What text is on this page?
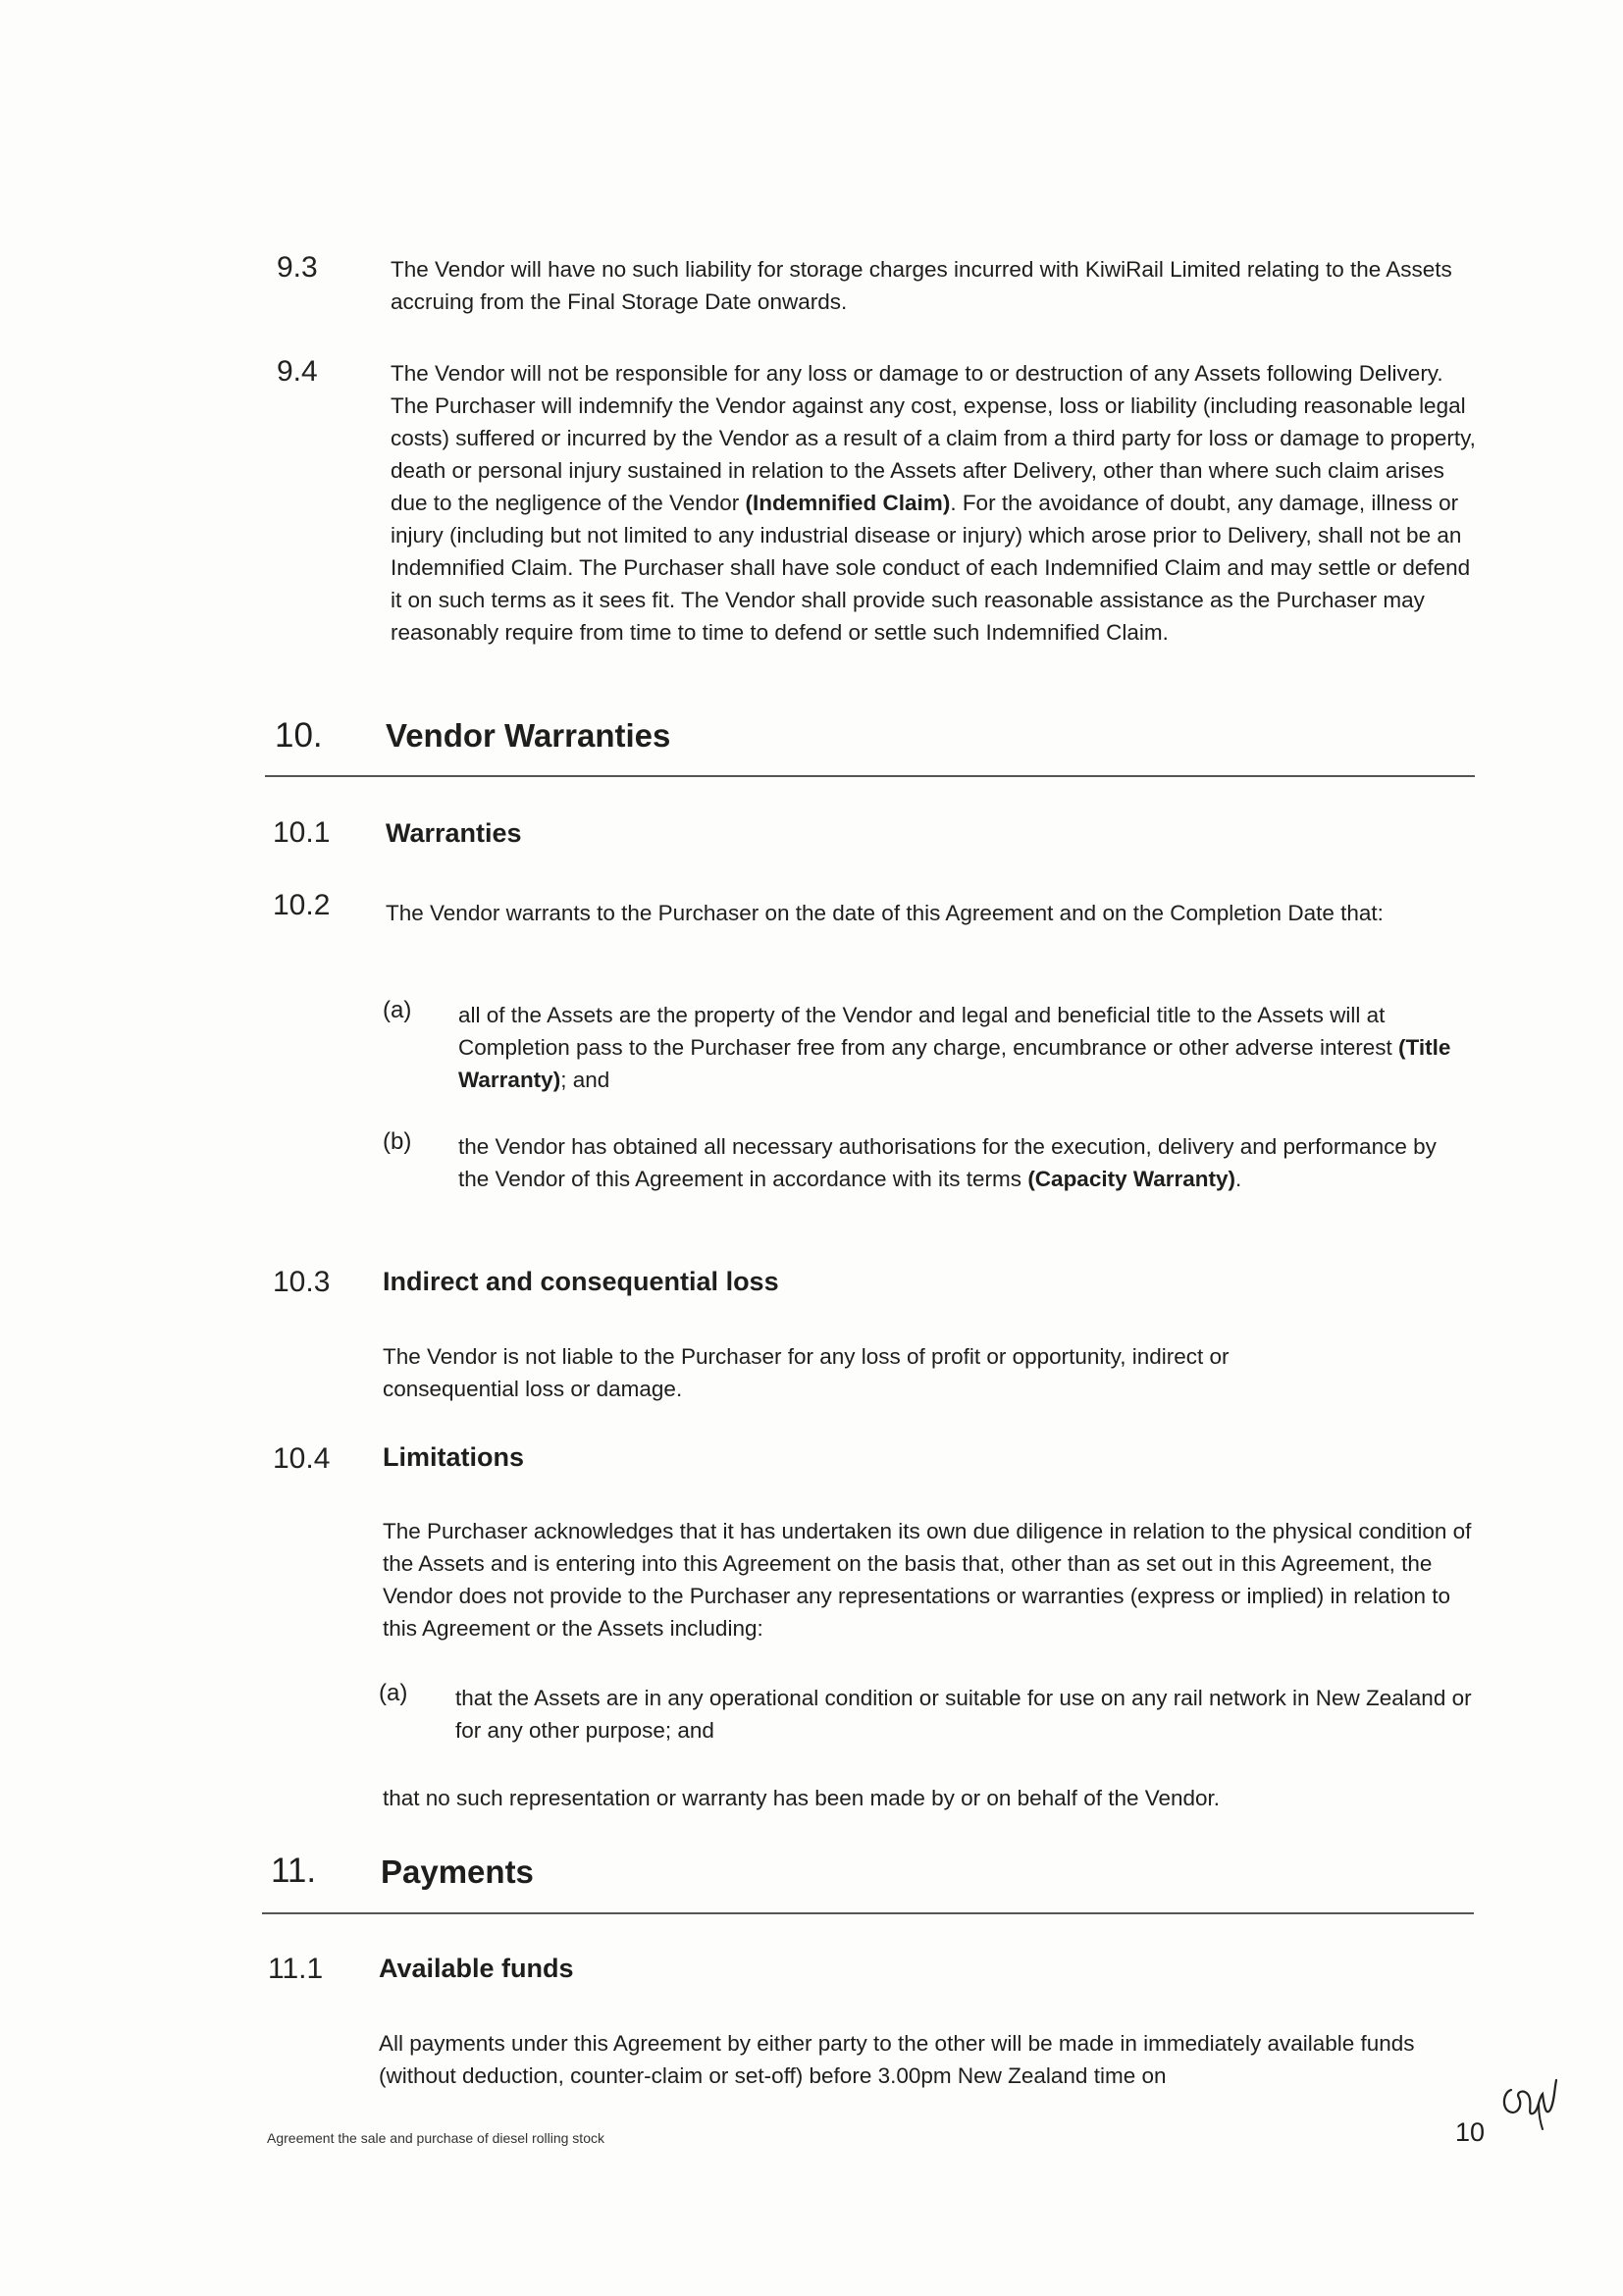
9.3	The Vendor will have no such liability for storage charges incurred with KiwiRail Limited relating to the Assets accruing from the Final Storage Date onwards.
9.4	The Vendor will not be responsible for any loss or damage to or destruction of any Assets following Delivery. The Purchaser will indemnify the Vendor against any cost, expense, loss or liability (including reasonable legal costs) suffered or incurred by the Vendor as a result of a claim from a third party for loss or damage to property, death or personal injury sustained in relation to the Assets after Delivery, other than where such claim arises due to the negligence of the Vendor (Indemnified Claim). For the avoidance of doubt, any damage, illness or injury (including but not limited to any industrial disease or injury) which arose prior to Delivery, shall not be an Indemnified Claim. The Purchaser shall have sole conduct of each Indemnified Claim and may settle or defend it on such terms as it sees fit. The Vendor shall provide such reasonable assistance as the Purchaser may reasonably require from time to time to defend or settle such Indemnified Claim.
10. Vendor Warranties
10.1 Warranties
10.2	The Vendor warrants to the Purchaser on the date of this Agreement and on the Completion Date that:
(a) all of the Assets are the property of the Vendor and legal and beneficial title to the Assets will at Completion pass to the Purchaser free from any charge, encumbrance or other adverse interest (Title Warranty); and
(b) the Vendor has obtained all necessary authorisations for the execution, delivery and performance by the Vendor of this Agreement in accordance with its terms (Capacity Warranty).
10.3 Indirect and consequential loss
The Vendor is not liable to the Purchaser for any loss of profit or opportunity, indirect or consequential loss or damage.
10.4 Limitations
The Purchaser acknowledges that it has undertaken its own due diligence in relation to the physical condition of the Assets and is entering into this Agreement on the basis that, other than as set out in this Agreement, the Vendor does not provide to the Purchaser any representations or warranties (express or implied) in relation to this Agreement or the Assets including:
(a) that the Assets are in any operational condition or suitable for use on any rail network in New Zealand or for any other purpose; and
that no such representation or warranty has been made by or on behalf of the Vendor.
11. Payments
11.1 Available funds
All payments under this Agreement by either party to the other will be made in immediately available funds (without deduction, counter-claim or set-off) before 3.00pm New Zealand time on
Agreement the sale and purchase of diesel rolling stock	10
